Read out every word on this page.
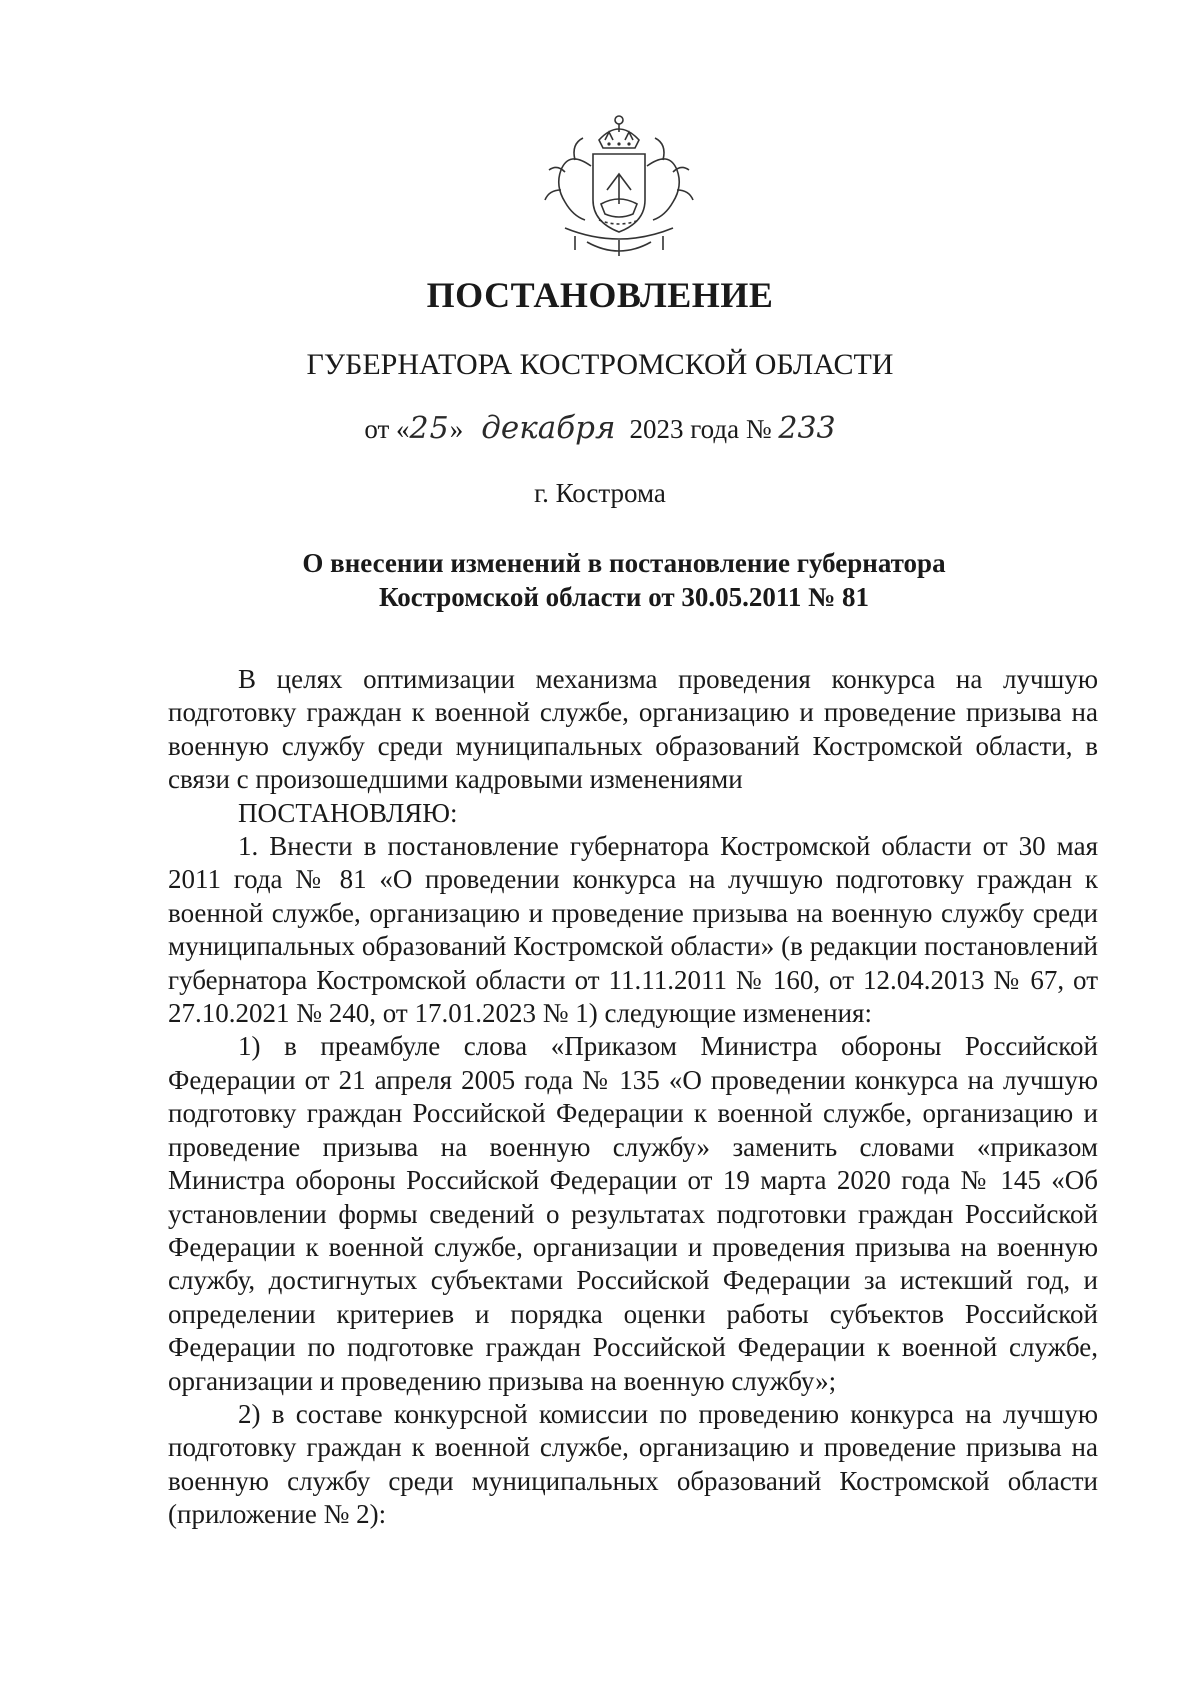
ПОСТАНОВЛЕНИЕ
ГУБЕРНАТОРА КОСТРОМСКОЙ ОБЛАСТИ
от «25» декабря 2023 года № 233
г. Кострома
О внесении изменений в постановление губернатора
Костромской области от 30.05.2011 № 81

В целях оптимизации механизма проведения конкурса на лучшую подготовку граждан к военной службе, организацию и проведение призыва на военную службу среди муниципальных образований Костромской области, в связи с произошедшими кадровыми изменениями

ПОСТАНОВЛЯЮ:

1. Внести в постановление губернатора Костромской области от 30 мая 2011 года № 81 «О проведении конкурса на лучшую подготовку граждан к военной службе, организацию и проведение призыва на военную службу среди муниципальных образований Костромской области» (в редакции постановлений губернатора Костромской области от 11.11.2011 № 160, от 12.04.2013 № 67, от 27.10.2021 № 240, от 17.01.2023 № 1) следующие изменения:

1) в преамбуле слова «Приказом Министра обороны Российской Федерации от 21 апреля 2005 года № 135 «О проведении конкурса на лучшую подготовку граждан Российской Федерации к военной службе, организацию и проведение призыва на военную службу» заменить словами «приказом Министра обороны Российской Федерации от 19 марта 2020 года № 145 «Об установлении формы сведений о результатах подготовки граждан Российской Федерации к военной службе, организации и проведения призыва на военную службу, достигнутых субъектами Российской Федерации за истекший год, и определении критериев и порядка оценки работы субъектов Российской Федерации по подготовке граждан Российской Федерации к военной службе, организации и проведению призыва на военную службу»;

2) в составе конкурсной комиссии по проведению конкурса на лучшую подготовку граждан к военной службе, организацию и проведение призыва на военную службу среди муниципальных образований Костромской области (приложение № 2):
